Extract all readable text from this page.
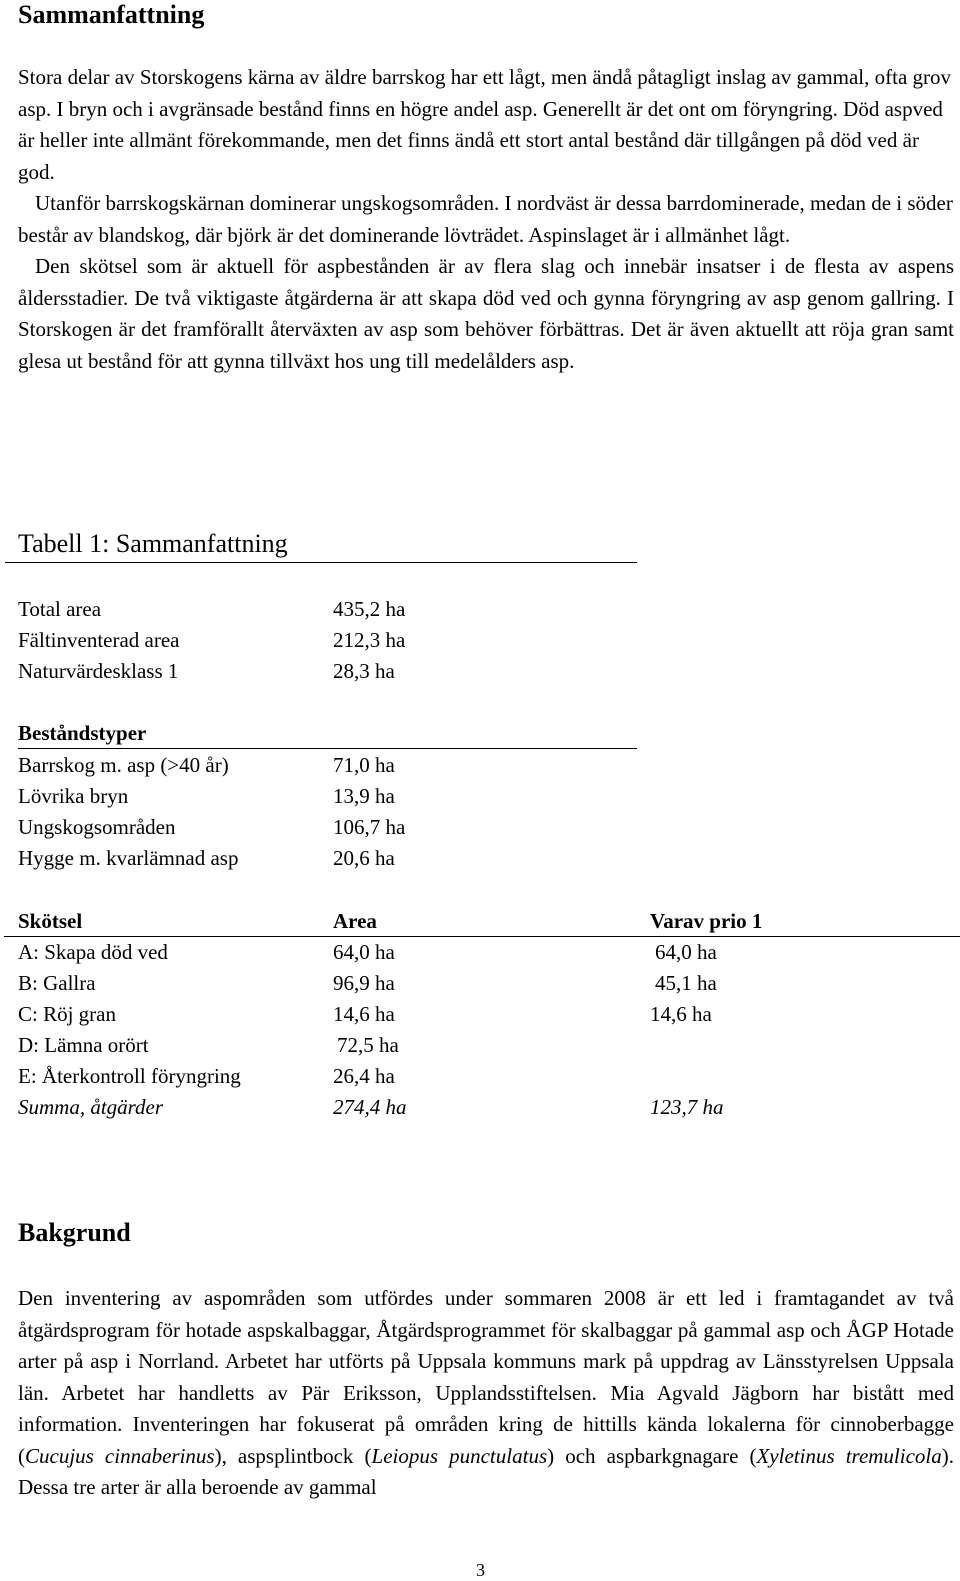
Sammanfattning

Stora delar av Storskogens kärna av äldre barrskog har ett lågt, men ändå påtagligt inslag av gammal, ofta grov asp. I bryn och i avgränsade bestånd finns en högre andel asp. Generellt är det ont om föryngring. Död aspved är heller inte allmänt förekommande, men det finns ändå ett stort antal bestånd där tillgången på död ved är god.

Utanför barrskogskärnan dominerar ungskogsområden. I nordväst är dessa barrdominerade, medan de i söder består av blandskog, där björk är det dominerande lövträdet. Aspinslaget är i allmänhet lågt.

Den skötsel som är aktuell för aspbestånden är av flera slag och innebär insatser i de flesta av aspens åldersstadier. De två viktigaste åtgärderna är att skapa död ved och gynna föryngring av asp genom gallring. I Storskogen är det framförallt återväxten av asp som behöver förbättras. Det är även aktuellt att röja gran samt glesa ut bestånd för att gynna tillväxt hos ung till medelålders asp.

Tabell 1: Sammanfattning
Total area	435,2 ha
Fältinventerad area	212,3 ha
Naturvärdesklass 1	28,3 ha
Beståndstyper
Barrskog m. asp (>40 år)	71,0 ha
Lövrika bryn	13,9 ha
Ungskogsområden	106,7 ha
Hygge m. kvarlämnad asp	20,6 ha
Skötsel	Area	Varav prio 1
A: Skapa död ved	64,0 ha	64,0 ha
B: Gallra	96,9 ha	45,1 ha
C: Röj gran	14,6 ha	14,6 ha
D: Lämna orört	72,5 ha
E: Återkontroll föryngring	26,4 ha
Summa, åtgärder	274,4 ha	123,7 ha
Bakgrund

Den inventering av aspområden som utfördes under sommaren 2008 är ett led i framtagandet av två åtgärdsprogram för hotade aspskalbaggar, Åtgärdsprogrammet för skalbaggar på gammal asp och ÅGP Hotade arter på asp i Norrland. Arbetet har utförts på Uppsala kommuns mark på uppdrag av Länsstyrelsen Uppsala län. Arbetet har handletts av Pär Eriksson, Upplandsstiftelsen. Mia Agvald Jägborn har bistått med information. Inventeringen har fokuserat på områden kring de hittills kända lokalerna för cinnoberbagge (Cucujus cinnaberinus), aspsplintbock (Leiopus punctulatus) och aspbarkgnagare (Xyletinus tremulicola). Dessa tre arter är alla beroende av gammal

3
